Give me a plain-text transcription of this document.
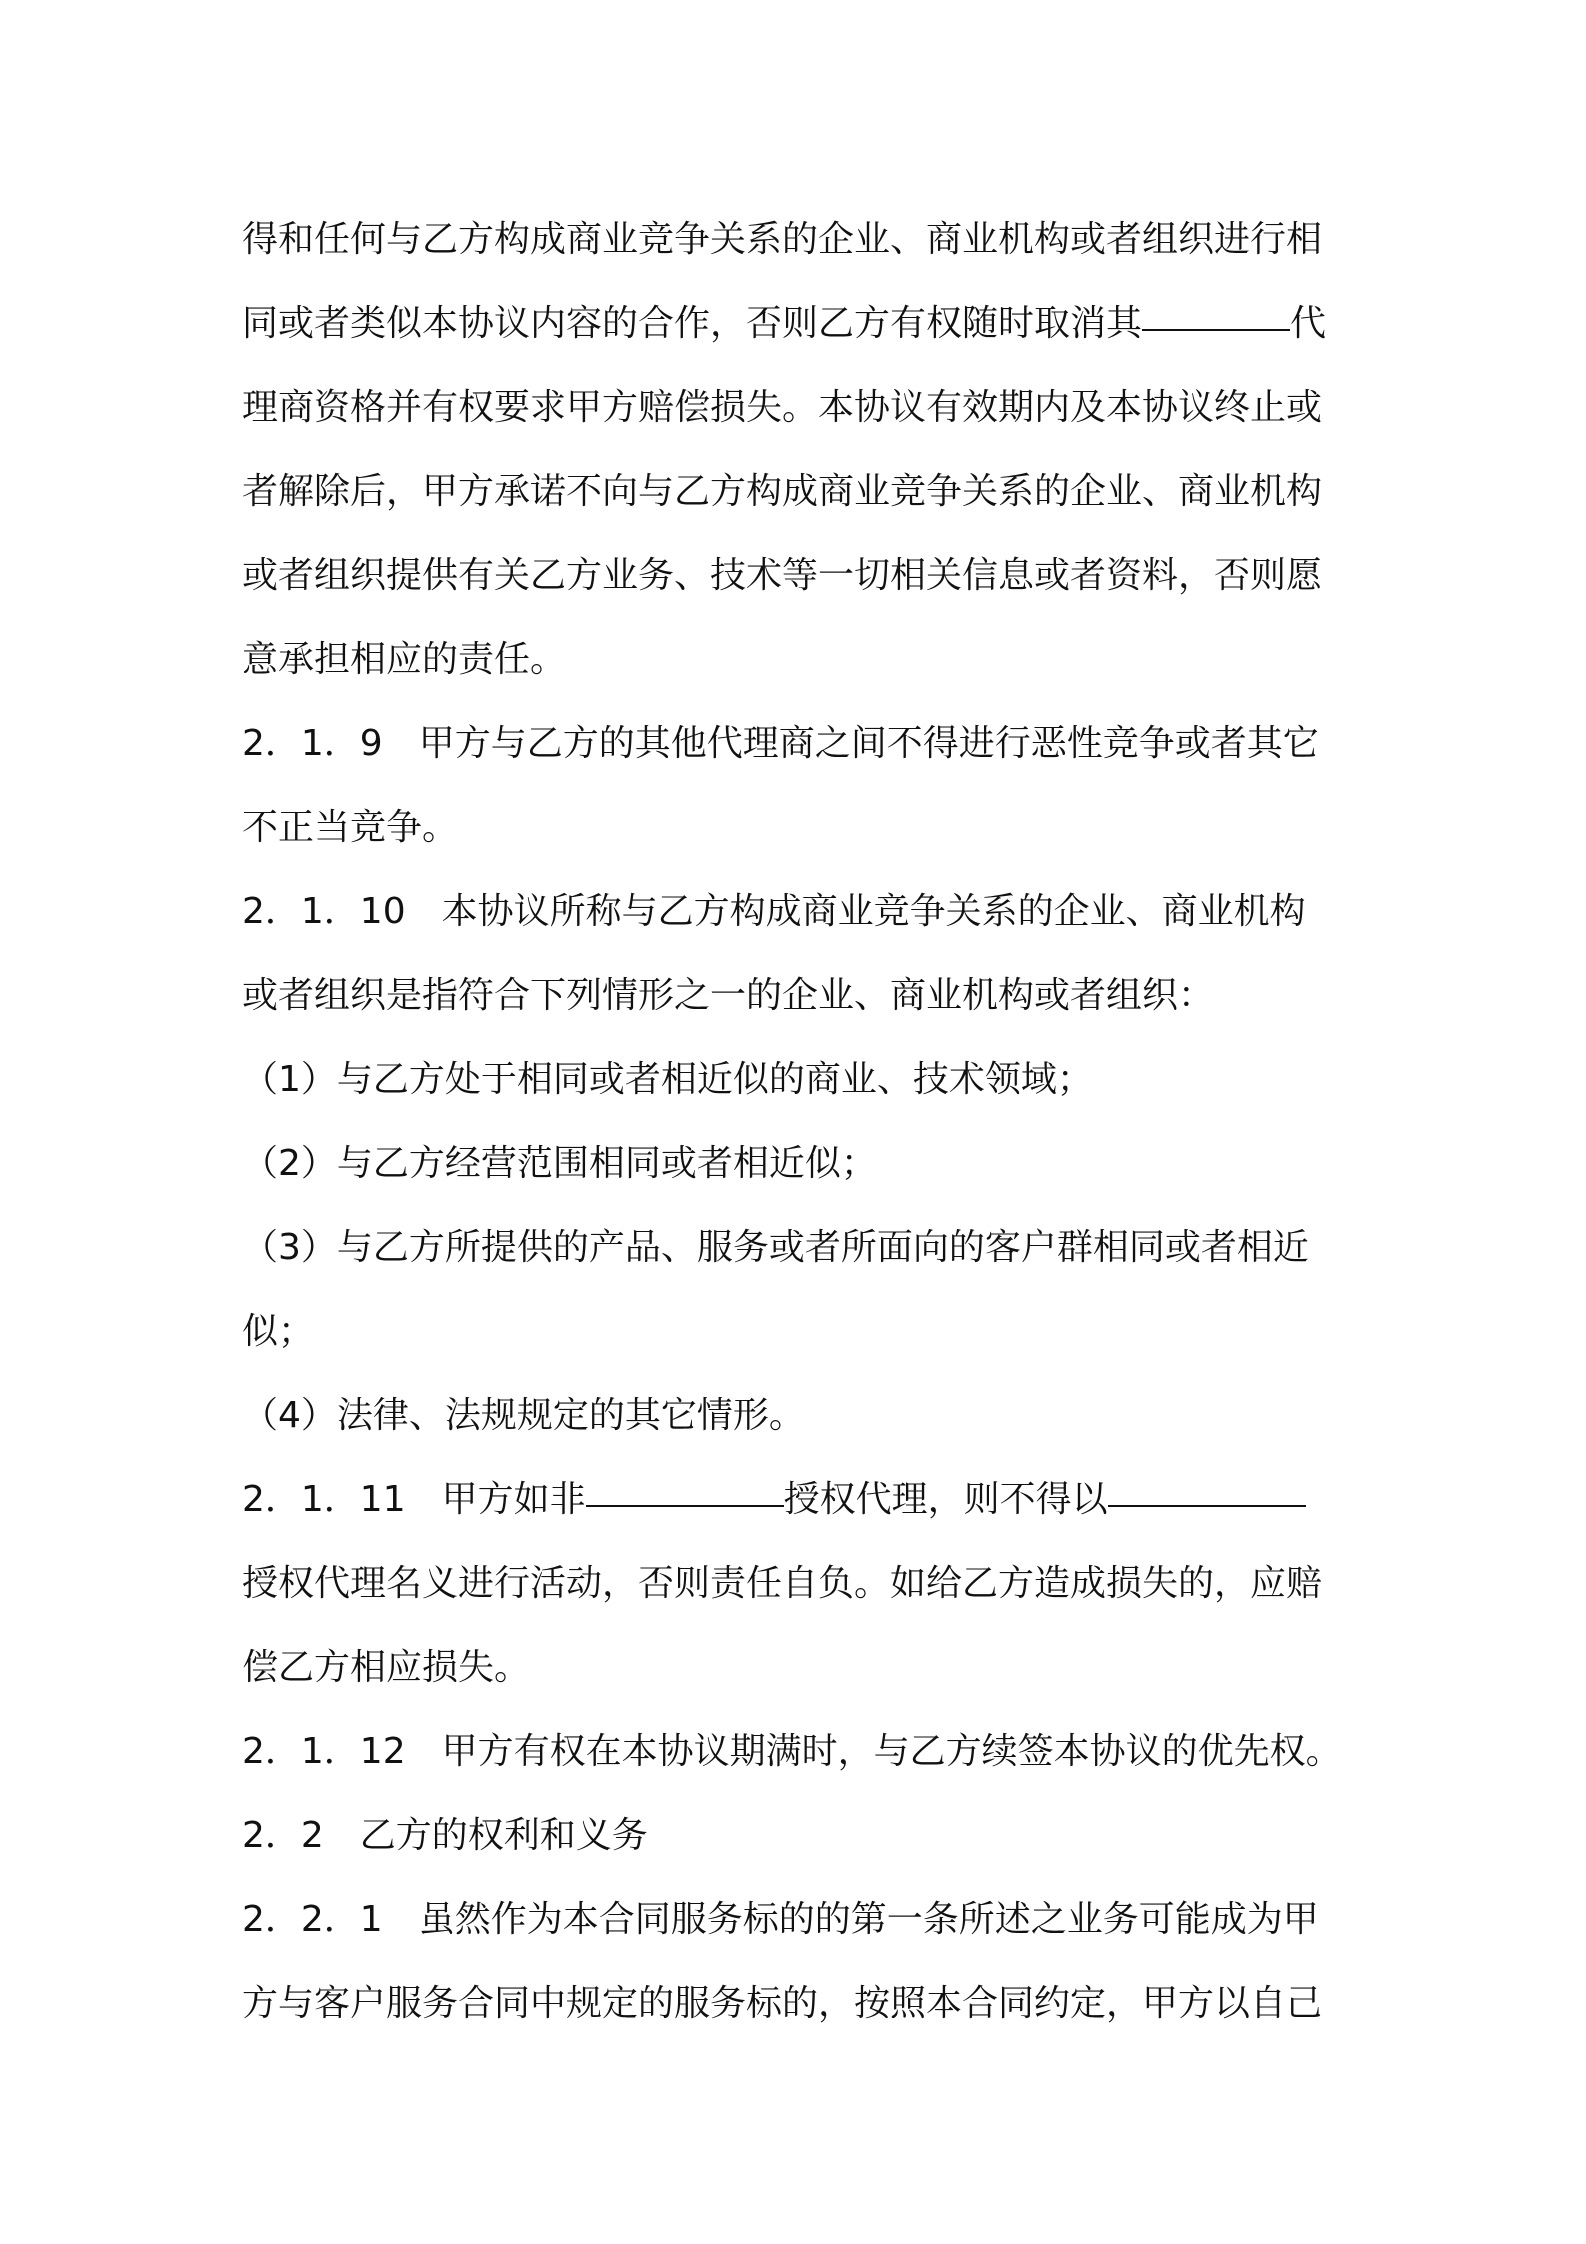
得和任何与乙方构成商业竞争关系的企业、商业机构或者组织进行相
同或者类似本协议内容的合作，否则乙方有权随时取消其	代
理商资格并有权要求甲方赔偿损失。本协议有效期内及本协议终止或
者解除后，甲方承诺不向与乙方构成商业竞争关系的企业、商业机构
或者组织提供有关乙方业务、技术等一切相关信息或者资料，否则愿
意承担相应的责任。
2．1．9　甲方与乙方的其他代理商之间不得进行恶性竞争或者其它
不正当竞争。
2．1．10　本协议所称与乙方构成商业竞争关系的企业、商业机构
或者组织是指符合下列情形之一的企业、商业机构或者组织：
（1）与乙方处于相同或者相近似的商业、技术领域；
（2）与乙方经营范围相同或者相近似；
（3）与乙方所提供的产品、服务或者所面向的客户群相同或者相近
似；
（4）法律、法规规定的其它情形。
2．1．11　甲方如非	授权代理，则不得以
授权代理名义进行活动，否则责任自负。如给乙方造成损失的，应赔
偿乙方相应损失。
2．1．12　甲方有权在本协议期满时，与乙方续签本协议的优先权。
2．2　乙方的权利和义务
2．2．1　虽然作为本合同服务标的的第一条所述之业务可能成为甲
方与客户服务合同中规定的服务标的，按照本合同约定，甲方以自己
